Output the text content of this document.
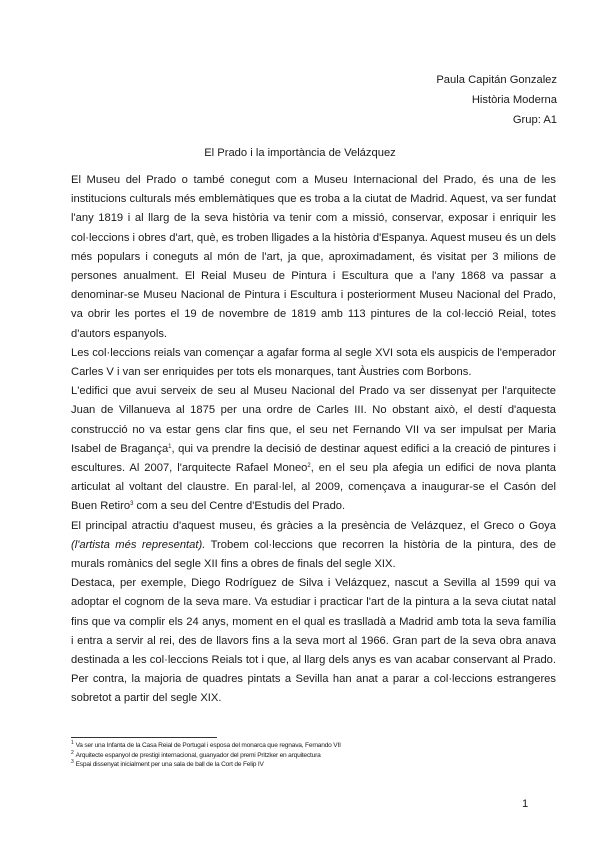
Paula Capitán Gonzalez
Història Moderna
Grup: A1
El Prado i la importància de Velázquez

El Museu del Prado o també conegut com a Museu Internacional del Prado, és una de les institucions culturals més emblemàtiques que es troba a la ciutat de Madrid. Aquest, va ser fundat l'any 1819 i al llarg de la seva història va tenir com a missió, conservar, exposar i enriquir les col·leccions i obres d'art, què, es troben lligades a la història d'Espanya. Aquest museu és un dels més populars i coneguts al món de l'art, ja que, aproximadament, és visitat per 3 milions de persones anualment. El Reial Museu de Pintura i Escultura que a l'any 1868 va passar a denominar-se Museu Nacional de Pintura i Escultura i posteriorment Museu Nacional del Prado, va obrir les portes el 19 de novembre de 1819 amb 113 pintures de la col·lecció Reial, totes d'autors espanyols.

Les col·leccions reials van començar a agafar forma al segle XVI sota els auspicis de l'emperador Carles V i van ser enriquides per tots els monarques, tant Àustries com Borbons.

L'edifici que avui serveix de seu al Museu Nacional del Prado va ser dissenyat per l'arquitecte Juan de Villanueva al 1875 per una ordre de Carles III. No obstant això, el destí d'aquesta construcció no va estar gens clar fins que, el seu net Fernando VII va ser impulsat per Maria Isabel de Bragança$^1$, qui va prendre la decisió de destinar aquest edifici a la creació de pintures i escultures. Al 2007, l'arquitecte Rafael Moneo$^2$, en el seu pla afegia un edifici de nova planta articulat al voltant del claustre. En paral·lel, al 2009, començava a inaugurar-se el Casón del Buen Retiro$^3$ com a seu del Centre d'Estudis del Prado.

El principal atractiu d'aquest museu, és gràcies a la presència de Velázquez, el Greco o Goya (l'artista més representat). Trobem col·leccions que recorren la història de la pintura, des de murals romànics del segle XII fins a obres de finals del segle XIX.

Destaca, per exemple, Diego Rodríguez de Silva i Velázquez, nascut a Sevilla al 1599 qui va adoptar el cognom de la seva mare. Va estudiar i practicar l'art de la pintura a la seva ciutat natal fins que va complir els 24 anys, moment en el qual es traslladà a Madrid amb tota la seva família i entra a servir al rei, des de llavors fins a la seva mort al 1966. Gran part de la seva obra anava destinada a les col·leccions Reials tot i que, al llarg dels anys es van acabar conservant al Prado. Per contra, la majoria de quadres pintats a Sevilla han anat a parar a col·leccions estrangeres sobretot a partir del segle XIX.

$^1$ Va ser una Infanta de la Casa Reial de Portugal i esposa del monarca que regnava, Fernando VII
$^2$ Arquitecte espanyol de prestigi internacional, guanyador del premi Pritzker en arquitectura
$^3$ Espai dissenyat inicialment per una sala de ball de la Cort de Felip IV
1
